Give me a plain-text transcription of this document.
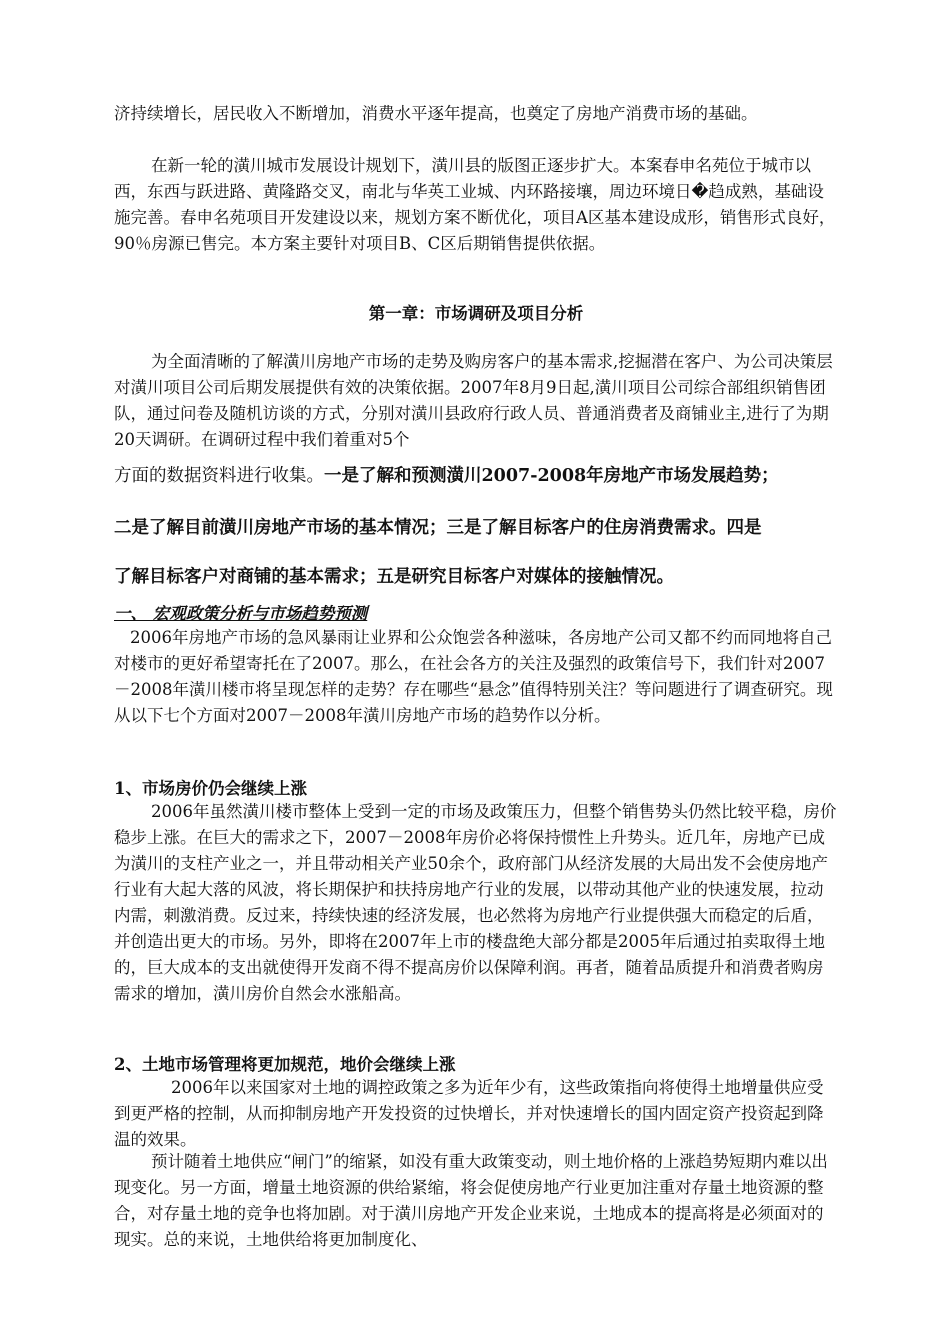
济持续增长，居民收入不断增加，消费水平逐年提高，也奠定了房地产消费市场的基础。

在新一轮的潢川城市发展设计规划下，潢川县的版图正逐步扩大。本案春申名苑位于城市以西，东西与跃进路、黄隆路交叉，南北与华英工业城、内环路接壤，周边环境日�趋成熟，基础设施完善。春申名苑项目开发建设以来，规划方案不断优化，项目A区基本建设成形，销售形式良好，90％房源已售完。本方案主要针对项目B、C区后期销售提供依据。

第一章：市场调研及项目分析

为全面清晰的了解潢川房地产市场的走势及购房客户的基本需求,挖掘潜在客户、为公司决策层对潢川项目公司后期发展提供有效的决策依据。2007年8月9日起,潢川项目公司综合部组织销售团队，通过问卷及随机访谈的方式，分别对潢川县政府行政人员、普通消费者及商铺业主,进行了为期20天调研。在调研过程中我们着重对5个

方面的数据资料进行收集。一是了解和预测潢川2007-2008年房地产市场发展趋势；

二是了解目前潢川房地产市场的基本情况；三是了解目标客户的住房消费需求。四是

了解目标客户对商铺的基本需求；五是研究目标客户对媒体的接触情况。

一、 宏观政策分析与市场趋势预测

2006年房地产市场的急风暴雨让业界和公众饱尝各种滋味，各房地产公司又都不约而同地将自己对楼市的更好希望寄托在了2007。那么，在社会各方的关注及强烈的政策信号下，我们针对2007－2008年潢川楼市将呈现怎样的走势？存在哪些“悬念”值得特别关注？等问题进行了调查研究。现从以下七个方面对2007－2008年潢川房地产市场的趋势作以分析。

1、市场房价仍会继续上涨

2006年虽然潢川楼市整体上受到一定的市场及政策压力，但整个销售势头仍然比较平稳，房价稳步上涨。在巨大的需求之下，2007－2008年房价必将保持惯性上升势头。近几年，房地产已成为潢川的支柱产业之一，并且带动相关产业50余个，政府部门从经济发展的大局出发不会使房地产行业有大起大落的风波，将长期保护和扶持房地产行业的发展，以带动其他产业的快速发展，拉动内需，刺激消费。反过来，持续快速的经济发展，也必然将为房地产行业提供强大而稳定的后盾，并创造出更大的市场。另外，即将在2007年上市的楼盘绝大部分都是2005年后通过拍卖取得土地的，巨大成本的支出就使得开发商不得不提高房价以保障利润。再者，随着品质提升和消费者购房需求的增加，潢川房价自然会水涨船高。

2、土地市场管理将更加规范，地价会继续上涨

2006年以来国家对土地的调控政策之多为近年少有，这些政策指向将使得土地增量供应受到更严格的控制，从而抑制房地产开发投资的过快增长，并对快速增长的国内固定资产投资起到降温的效果。

预计随着土地供应“闸门”的缩紧，如没有重大政策变动，则土地价格的上涨趋势短期内难以出现变化。另一方面，增量土地资源的供给紧缩，将会促使房地产行业更加注重对存量土地资源的整合，对存量土地的竞争也将加剧。对于潢川房地产开发企业来说，土地成本的提高将是必须面对的现实。总的来说，土地供给将更加制度化、
